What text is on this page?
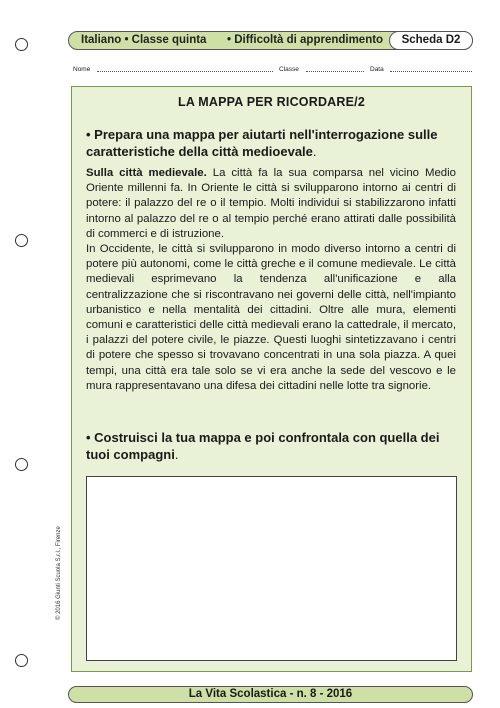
Italiano • Classe quinta • Difficoltà di apprendimento	Scheda D2
Nome	Classe	Data
LA MAPPA PER RICORDARE/2
• Prepara una mappa per aiutarti nell'interrogazione sulle caratteristiche della città medioevale.

Sulla città medievale. La città fa la sua comparsa nel vicino Medio Oriente millenni fa. In Oriente le città si svilupparono intorno ai centri di potere: il palazzo del re o il tempio. Molti individui si stabilizzarono infatti intorno al palazzo del re o al tempio perché erano attirati dalle possibilità di commerci e di istruzione.

In Occidente, le città si svilupparono in modo diverso intorno a centri di potere più autonomi, come le città greche e il comune medievale. Le città medievali esprimevano la tendenza all'unificazione e alla centralizzazione che si riscontravano nei governi delle città, nell'impianto urbanistico e nella mentalità dei cittadini. Oltre alle mura, elementi comuni e caratteristici delle città medievali erano la cattedrale, il mercato, i palazzi del potere civile, le piazze. Questi luoghi sintetizzavano i centri di potere che spesso si trovavano concentrati in una sola piazza. A quei tempi, una città era tale solo se vi era anche la sede del vescovo e le mura rappresentavano una difesa dei cittadini nelle lotte tra signorie.

• Costruisci la tua mappa e poi confrontala con quella dei tuoi compagni.
© 2016 Giunti Scuola S.r.l., Firenze
La Vita Scolastica - n. 8 - 2016
